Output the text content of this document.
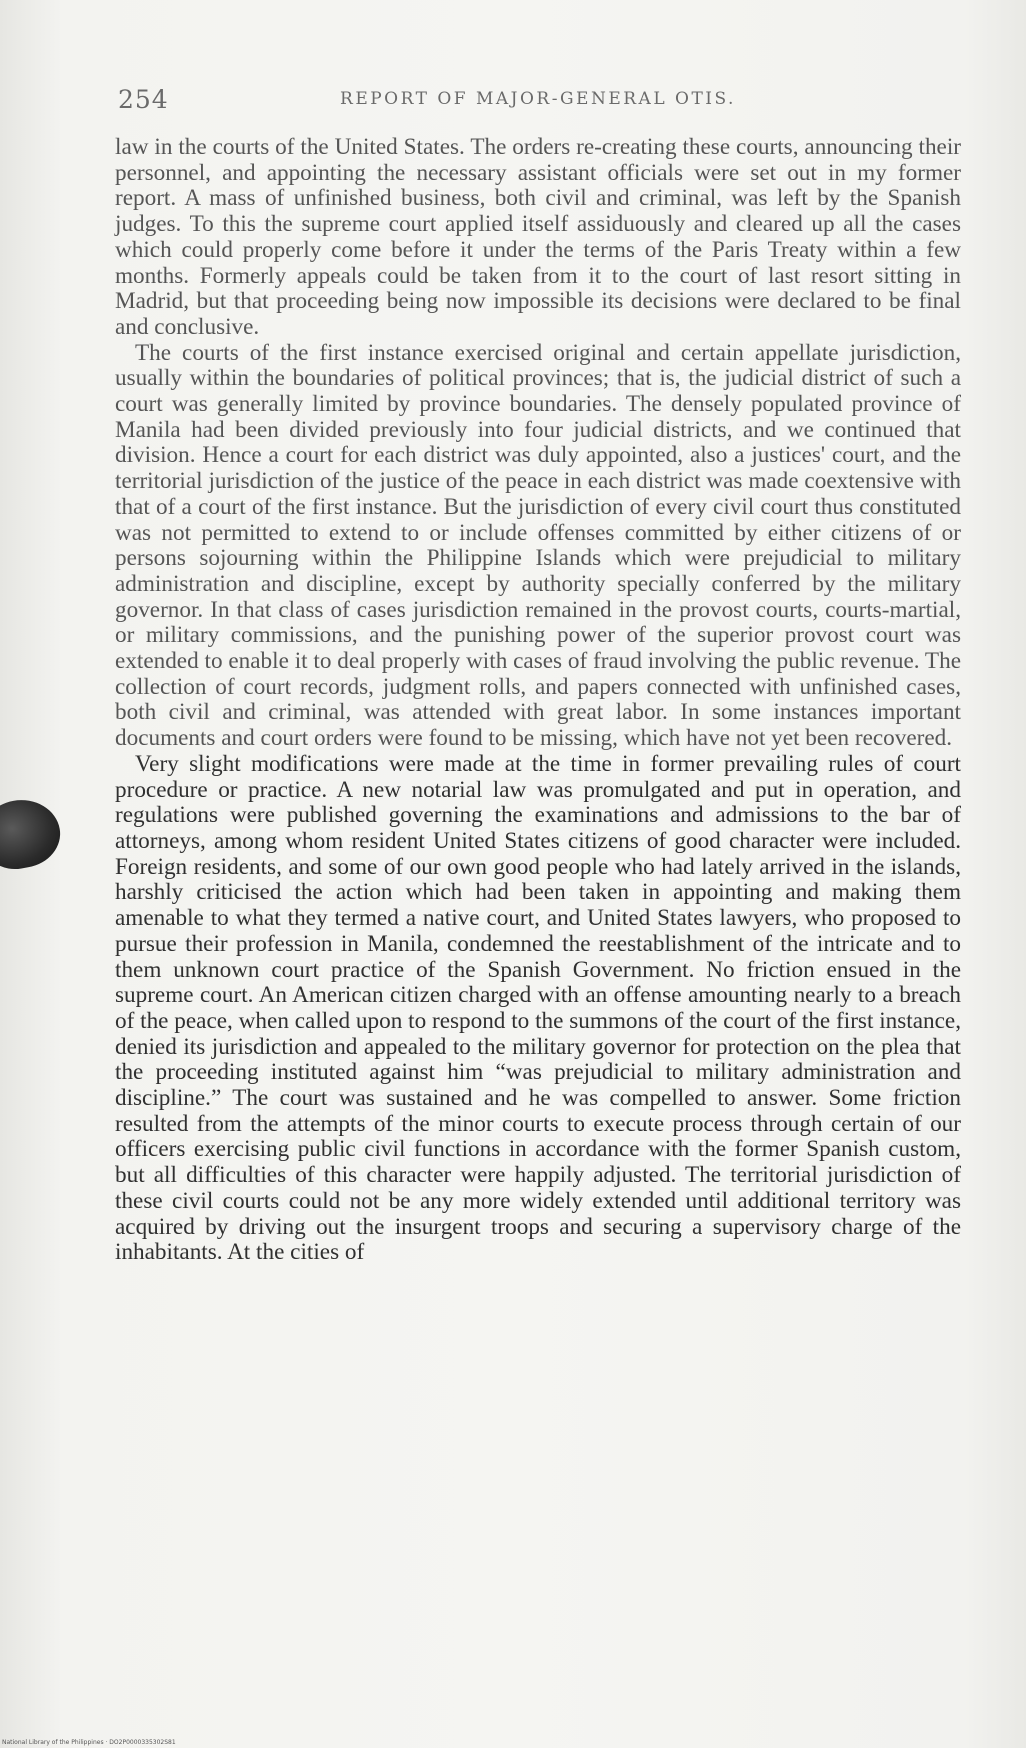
254	REPORT OF MAJOR-GENERAL OTIS.

law in the courts of the United States. The orders re-creating these courts, announcing their personnel, and appointing the necessary assistant officials were set out in my former report. A mass of unfinished business, both civil and criminal, was left by the Spanish judges. To this the supreme court applied itself assiduously and cleared up all the cases which could properly come before it under the terms of the Paris Treaty within a few months. Formerly appeals could be taken from it to the court of last resort sitting in Madrid, but that proceeding being now impossible its decisions were declared to be final and conclusive.

The courts of the first instance exercised original and certain appellate jurisdiction, usually within the boundaries of political provinces; that is, the judicial district of such a court was generally limited by province boundaries. The densely populated province of Manila had been divided previously into four judicial districts, and we continued that division. Hence a court for each district was duly appointed, also a justices' court, and the territorial jurisdiction of the justice of the peace in each district was made coextensive with that of a court of the first instance. But the jurisdiction of every civil court thus constituted was not permitted to extend to or include offenses committed by either citizens of or persons sojourning within the Philippine Islands which were prejudicial to military administration and discipline, except by authority specially conferred by the military governor. In that class of cases jurisdiction remained in the provost courts, courts-martial, or military commissions, and the punishing power of the superior provost court was extended to enable it to deal properly with cases of fraud involving the public revenue. The collection of court records, judgment rolls, and papers connected with unfinished cases, both civil and criminal, was attended with great labor. In some instances important documents and court orders were found to be missing, which have not yet been recovered.

Very slight modifications were made at the time in former prevailing rules of court procedure or practice. A new notarial law was promulgated and put in operation, and regulations were published governing the examinations and admissions to the bar of attorneys, among whom resident United States citizens of good character were included. Foreign residents, and some of our own good people who had lately arrived in the islands, harshly criticised the action which had been taken in appointing and making them amenable to what they termed a native court, and United States lawyers, who proposed to pursue their profession in Manila, condemned the reestablishment of the intricate and to them unknown court practice of the Spanish Government. No friction ensued in the supreme court. An American citizen charged with an offense amounting nearly to a breach of the peace, when called upon to respond to the summons of the court of the first instance, denied its jurisdiction and appealed to the military governor for protection on the plea that the proceeding instituted against him “was prejudicial to military administration and discipline.” The court was sustained and he was compelled to answer. Some friction resulted from the attempts of the minor courts to execute process through certain of our officers exercising public civil functions in accordance with the former Spanish custom, but all difficulties of this character were happily adjusted. The territorial jurisdiction of these civil courts could not be any more widely extended until additional territory was acquired by driving out the insurgent troops and securing a supervisory charge of the inhabitants. At the cities of

National Library of the Philippines · DO2P0000335302S81
